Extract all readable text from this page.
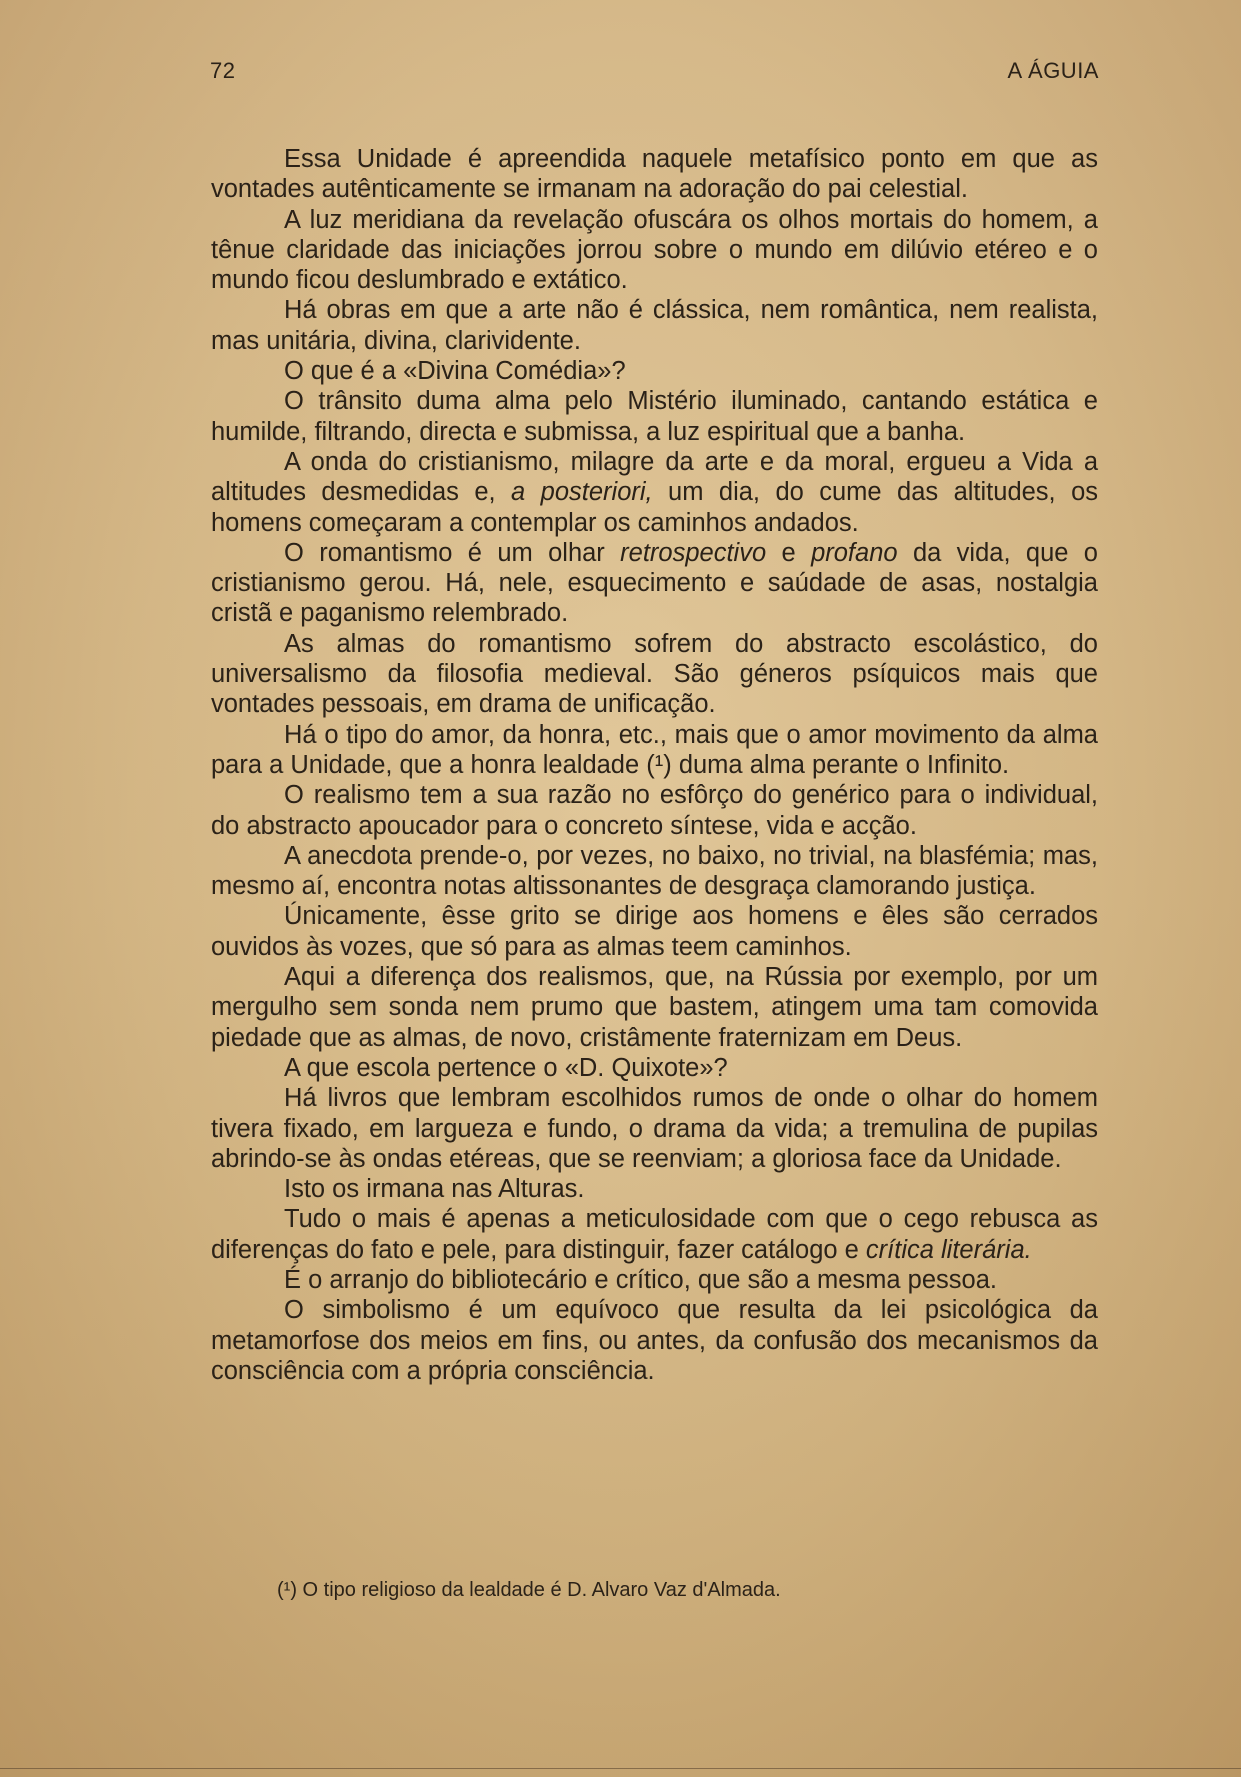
72	A ÁGUIA

Essa Unidade é apreendida naquele metafísico ponto em que as vontades autênticamente se irmanam na adoração do pai celestial.

A luz meridiana da revelação ofuscára os olhos mortais do homem, a tênue claridade das iniciações jorrou sobre o mundo em dilúvio etéreo e o mundo ficou deslumbrado e extático.

Há obras em que a arte não é clássica, nem romântica, nem realista, mas unitária, divina, clarividente.

O que é a «Divina Comédia»?

O trânsito duma alma pelo Mistério iluminado, cantando estática e humilde, filtrando, directa e submissa, a luz espiritual que a banha.

A onda do cristianismo, milagre da arte e da moral, ergueu a Vida a altitudes desmedidas e, a posteriori, um dia, do cume das altitudes, os homens começaram a contemplar os caminhos andados.

O romantismo é um olhar retrospectivo e profano da vida, que o cristianismo gerou. Há, nele, esquecimento e saúdade de asas, nostalgia cristã e paganismo relembrado.

As almas do romantismo sofrem do abstracto escolástico, do universalismo da filosofia medieval. São géneros psíquicos mais que vontades pessoais, em drama de unificação.

Há o tipo do amor, da honra, etc., mais que o amor movimento da alma para a Unidade, que a honra lealdade (¹) duma alma perante o Infinito.

O realismo tem a sua razão no esfôrço do genérico para o individual, do abstracto apoucador para o concreto síntese, vida e acção.

A anecdota prende-o, por vezes, no baixo, no trivial, na blasfémia; mas, mesmo aí, encontra notas altissonantes de desgraça clamorando justiça.

Únicamente, êsse grito se dirige aos homens e êles são cerrados ouvidos às vozes, que só para as almas teem caminhos.

Aqui a diferença dos realismos, que, na Rússia por exemplo, por um mergulho sem sonda nem prumo que bastem, atingem uma tam comovida piedade que as almas, de novo, cristâmente fraternizam em Deus.

A que escola pertence o «D. Quixote»?

Há livros que lembram escolhidos rumos de onde o olhar do homem tivera fixado, em largueza e fundo, o drama da vida; a tremulina de pupilas abrindo-se às ondas etéreas, que se reenviam; a gloriosa face da Unidade.

Isto os irmana nas Alturas.

Tudo o mais é apenas a meticulosidade com que o cego rebusca as diferenças do fato e pele, para distinguir, fazer catálogo e crítica literária.

É o arranjo do bibliotecário e crítico, que são a mesma pessoa.

O simbolismo é um equívoco que resulta da lei psicológica da metamorfose dos meios em fins, ou antes, da confusão dos mecanismos da consciência com a própria consciência.

(¹) O tipo religioso da lealdade é D. Alvaro Vaz d'Almada.
